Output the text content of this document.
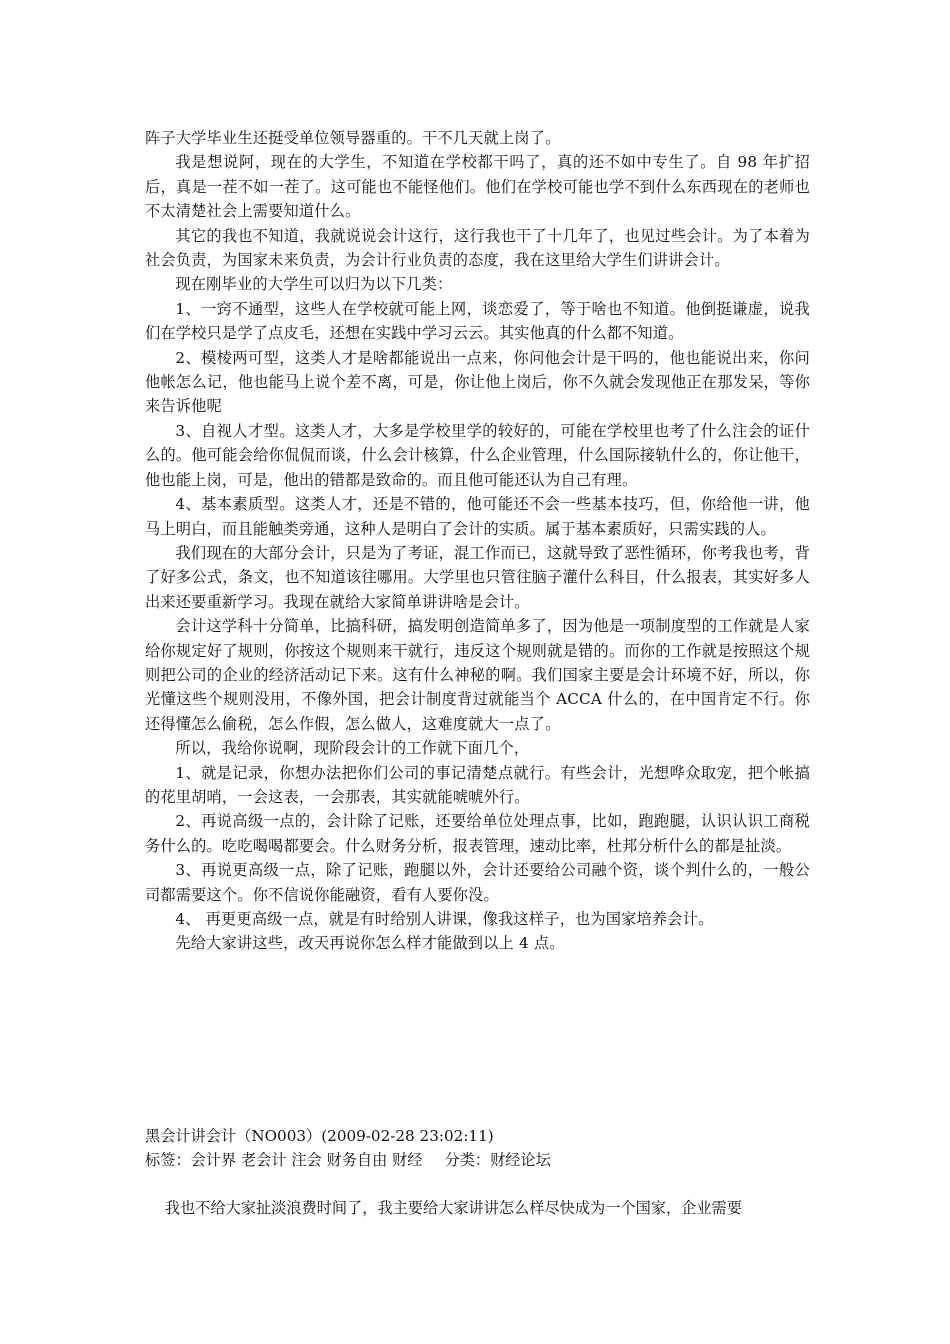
阵子大学毕业生还挺受单位领导器重的。干不几天就上岗了。

我是想说阿，现在的大学生，不知道在学校都干吗了，真的还不如中专生了。自 98 年扩招后，真是一茬不如一茬了。这可能也不能怪他们。他们在学校可能也学不到什么东西现在的老师也不太清楚社会上需要知道什么。

其它的我也不知道，我就说说会计这行，这行我也干了十几年了，也见过些会计。为了本着为社会负责，为国家未来负责，为会计行业负责的态度，我在这里给大学生们讲讲会计。

现在刚毕业的大学生可以归为以下几类：

1、一窍不通型，这些人在学校就可能上网，谈恋爱了，等于啥也不知道。他倒挺谦虚，说我们在学校只是学了点皮毛，还想在实践中学习云云。其实他真的什么都不知道。

2、模棱两可型，这类人才是啥都能说出一点来，你问他会计是干吗的，他也能说出来，你问他帐怎么记，他也能马上说个差不离，可是，你让他上岗后，你不久就会发现他正在那发呆，等你来告诉他呢

3、自视人才型。这类人才，大多是学校里学的较好的，可能在学校里也考了什么注会的证什么的。他可能会给你侃侃而谈，什么会计核算，什么企业管理，什么国际接轨什么的，你让他干，他也能上岗，可是，他出的错都是致命的。而且他可能还认为自己有理。

4、基本素质型。这类人才，还是不错的，他可能还不会一些基本技巧，但，你给他一讲，他马上明白，而且能触类旁通，这种人是明白了会计的实质。属于基本素质好，只需实践的人。

我们现在的大部分会计，只是为了考证，混工作而已，这就导致了恶性循环，你考我也考，背了好多公式，条文，也不知道该往哪用。大学里也只管往脑子灌什么科目，什么报表，其实好多人出来还要重新学习。我现在就给大家简单讲讲啥是会计。

会计这学科十分简单，比搞科研，搞发明创造简单多了，因为他是一项制度型的工作就是人家给你规定好了规则，你按这个规则来干就行，违反这个规则就是错的。而你的工作就是按照这个规则把公司的企业的经济活动记下来。这有什么神秘的啊。我们国家主要是会计环境不好，所以，你光懂这些个规则没用，不像外国，把会计制度背过就能当个 ACCA 什么的，在中国肯定不行。你还得懂怎么偷税，怎么作假，怎么做人，这难度就大一点了。

所以，我给你说啊，现阶段会计的工作就下面几个，

1、就是记录，你想办法把你们公司的事记清楚点就行。有些会计，光想哗众取宠，把个帐搞的花里胡哨，一会这表，一会那表，其实就能唬唬外行。

2、再说高级一点的，会计除了记账，还要给单位处理点事，比如，跑跑腿，认识认识工商税务什么的。吃吃喝喝都要会。什么财务分析，报表管理，速动比率，杜邦分析什么的都是扯淡。

3、再说更高级一点，除了记账，跑腿以外，会计还要给公司融个资，谈个判什么的，一般公司都需要这个。你不信说你能融资，看有人要你没。

4、 再更更高级一点，就是有时给别人讲课，像我这样子，也为国家培养会计。

先给大家讲这些，改天再说你怎么样才能做到以上 4 点。

黑会计讲会计（NO003）(2009-02-28 23:02:11)
标签：会计界 老会计 注会 财务自由 财经 分类：财经论坛
我也不给大家扯淡浪费时间了，我主要给大家讲讲怎么样尽快成为一个国家，企业需要
